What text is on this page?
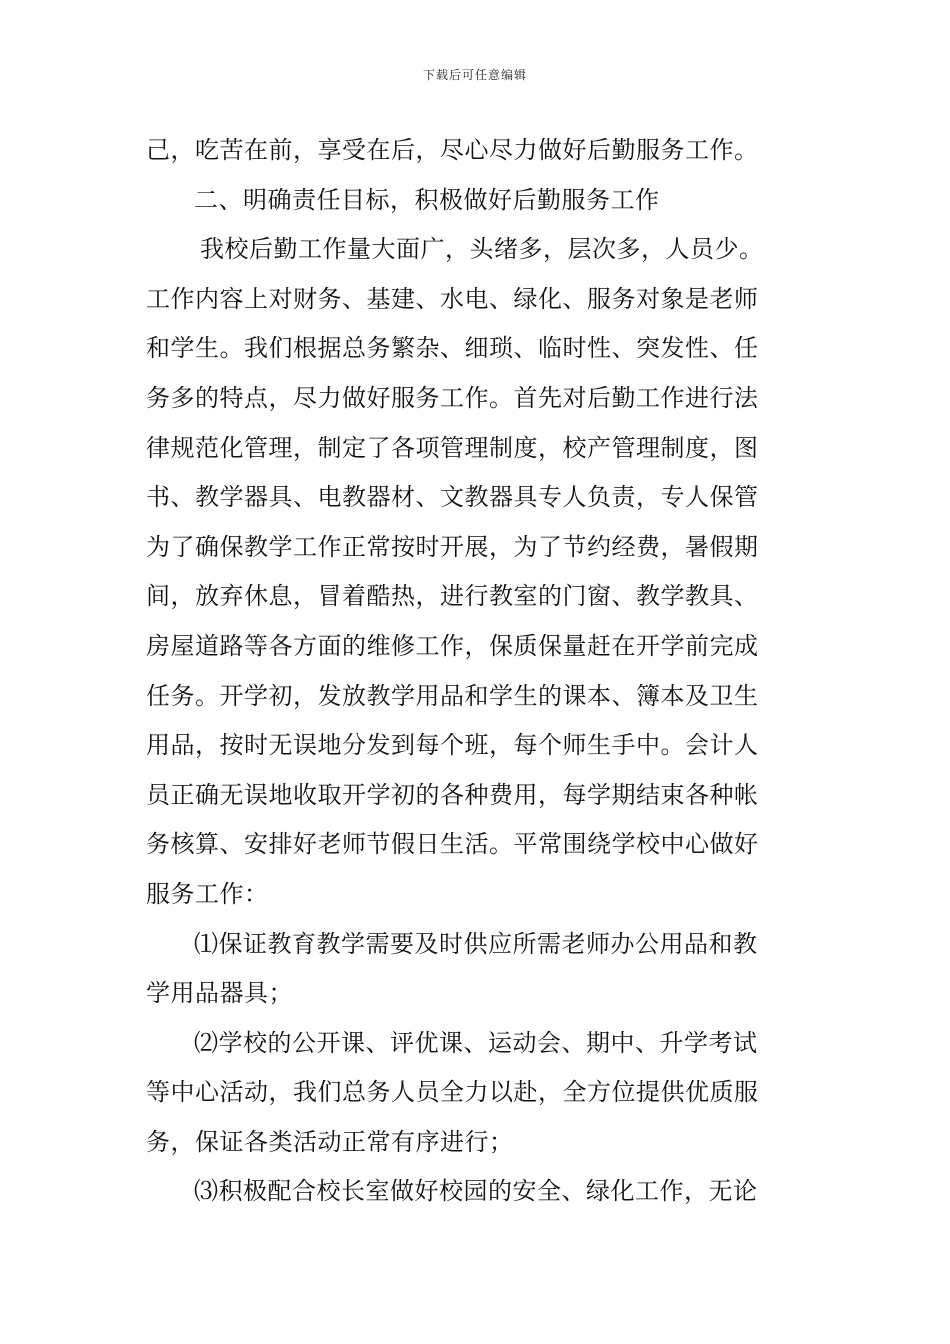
下载后可任意编辑
己，吃苦在前，享受在后，尽心尽力做好后勤服务工作。
二、明确责任目标，积极做好后勤服务工作
我校后勤工作量大面广，头绪多，层次多，人员少。
工作内容上对财务、基建、水电、绿化、服务对象是老师
和学生。我们根据总务繁杂、细琐、临时性、突发性、任
务多的特点，尽力做好服务工作。首先对后勤工作进行法
律规范化管理，制定了各项管理制度，校产管理制度，图
书、教学器具、电教器材、文教器具专人负责，专人保管
为了确保教学工作正常按时开展，为了节约经费，暑假期
间，放弃休息，冒着酷热，进行教室的门窗、教学教具、
房屋道路等各方面的维修工作，保质保量赶在开学前完成
任务。开学初，发放教学用品和学生的课本、簿本及卫生
用品，按时无误地分发到每个班，每个师生手中。会计人
员正确无误地收取开学初的各种费用，每学期结束各种帐
务核算、安排好老师节假日生活。平常围绕学校中心做好
服务工作：
⑴保证教育教学需要及时供应所需老师办公用品和教
学用品器具；
⑵学校的公开课、评优课、运动会、期中、升学考试
等中心活动，我们总务人员全力以赴，全方位提供优质服
务，保证各类活动正常有序进行；
⑶积极配合校长室做好校园的安全、绿化工作，无论
